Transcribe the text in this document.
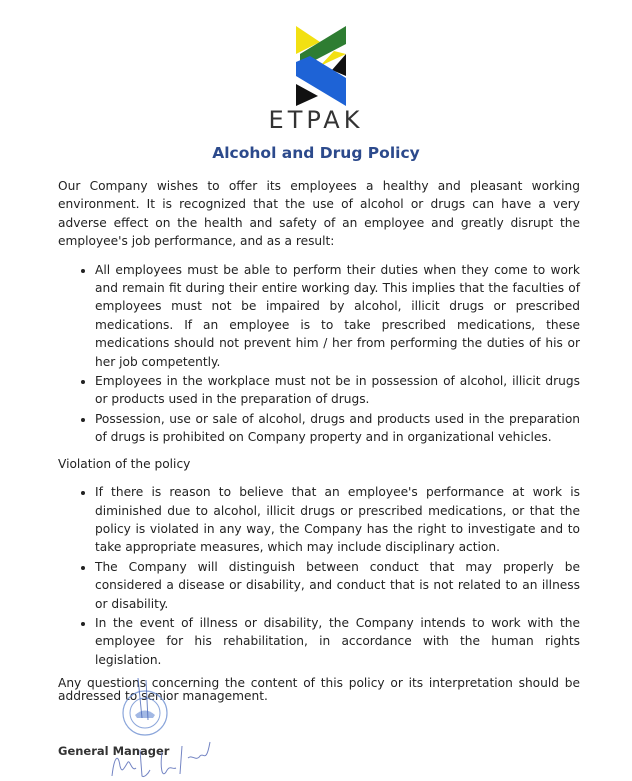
ETPAK
Alcohol and Drug Policy

Our Company wishes to offer its employees a healthy and pleasant working environment. It is recognized that the use of alcohol or drugs can have a very adverse effect on the health and safety of an employee and greatly disrupt the employee's job performance, and as a result:

• All employees must be able to perform their duties when they come to work and remain fit during their entire working day. This implies that the faculties of employees must not be impaired by alcohol, illicit drugs or prescribed medications. If an employee is to take prescribed medications, these medications should not prevent him / her from performing the duties of his or her job competently.
• Employees in the workplace must not be in possession of alcohol, illicit drugs or products used in the preparation of drugs.
• Possession, use or sale of alcohol, drugs and products used in the preparation of drugs is prohibited on Company property and in organizational vehicles.

Violation of the policy

• If there is reason to believe that an employee's performance at work is diminished due to alcohol, illicit drugs or prescribed medications, or that the policy is violated in any way, the Company has the right to investigate and to take appropriate measures, which may include disciplinary action.
• The Company will distinguish between conduct that may properly be considered a disease or disability, and conduct that is not related to an illness or disability.
• In the event of illness or disability, the Company intends to work with the employee for his rehabilitation, in accordance with the human rights legislation.

Any questions concerning the content of this policy or its interpretation should be addressed to senior management.

General Manager
